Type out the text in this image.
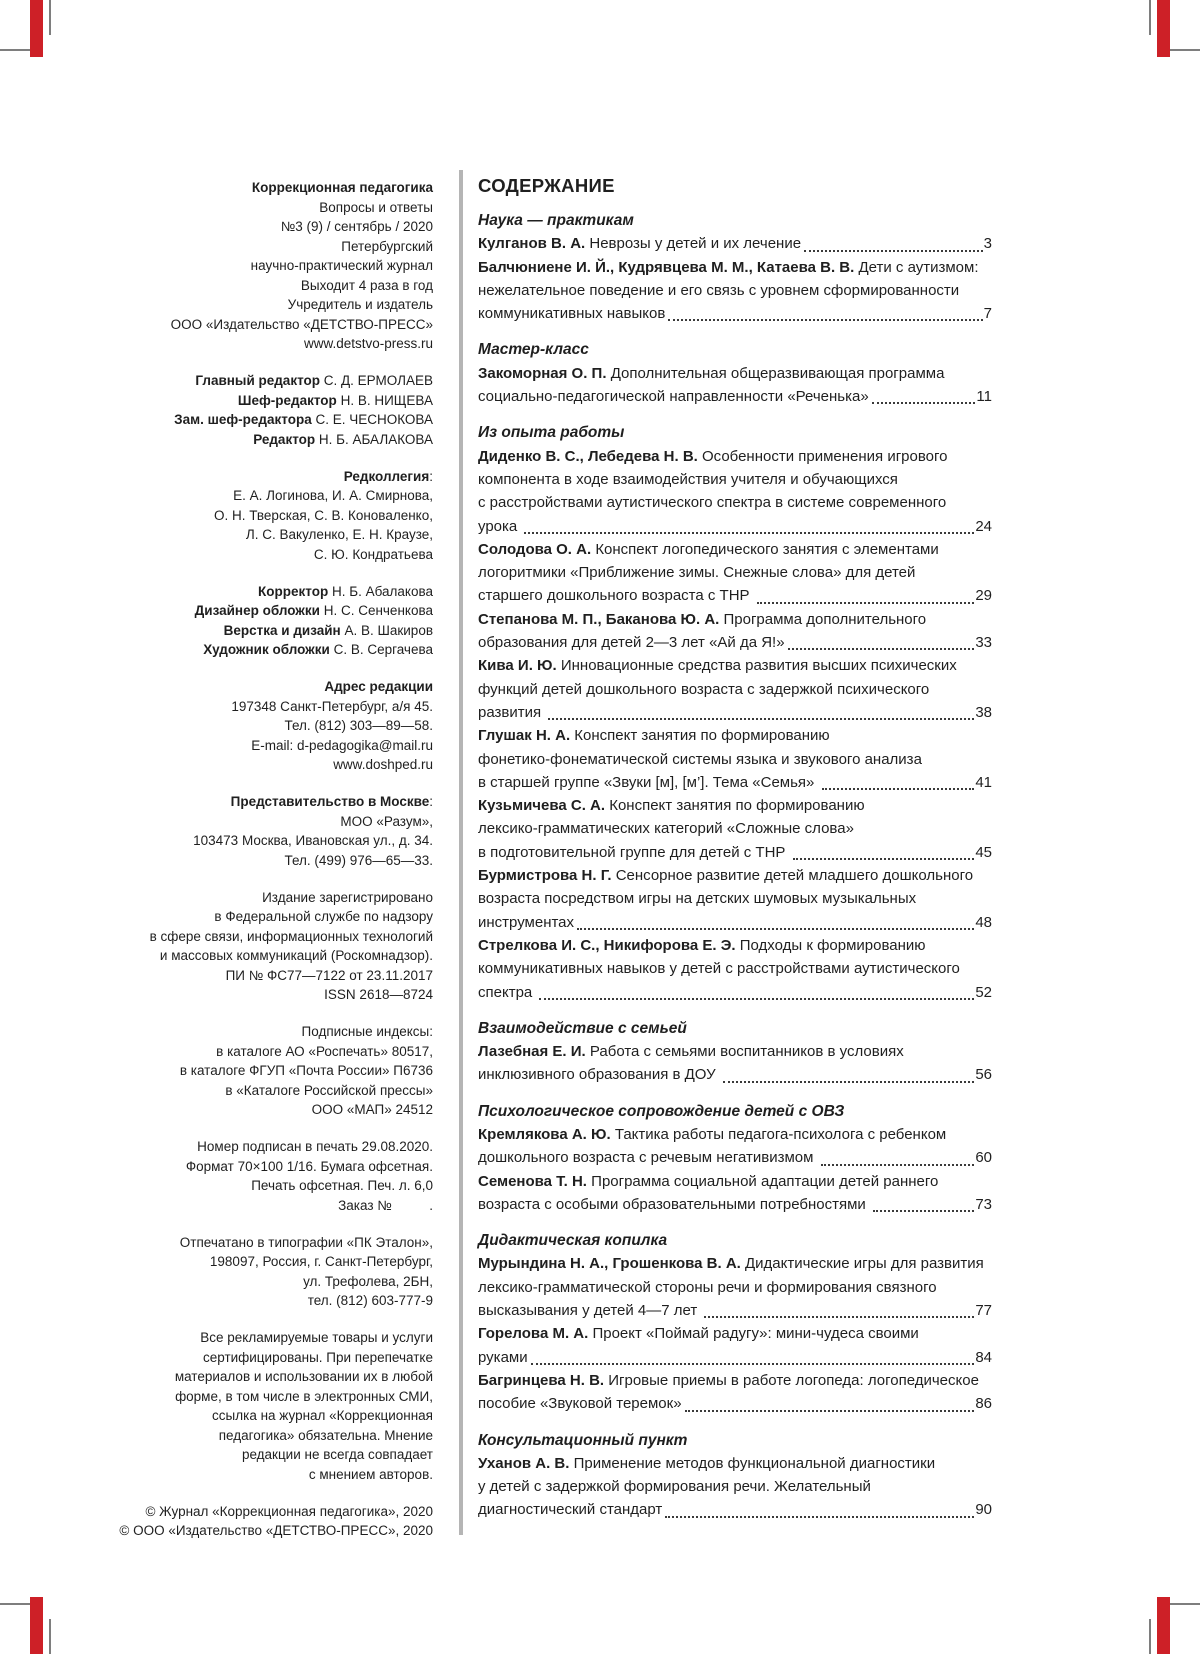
Коррекционная педагогика
Вопросы и ответы
№3 (9) / сентябрь / 2020
Петербургский
научно-практический журнал
Выходит 4 раза в год
Учредитель и издатель
ООО «Издательство «ДЕТСТВО-ПРЕСС»
www.detstvo-press.ru
Главный редактор С. Д. ЕРМОЛАЕВ
Шеф-редактор Н. В. НИЩЕВА
Зам. шеф-редактора С. Е. ЧЕСНОКОВА
Редактор Н. Б. АБАЛАКОВА
Редколлегия:
Е. А. Логинова, И. А. Смирнова,
О. Н. Тверская, С. В. Коноваленко,
Л. С. Вакуленко, Е. Н. Краузе,
С. Ю. Кондратьева
Корректор Н. Б. Абалакова
Дизайнер обложки Н. С. Сенченкова
Верстка и дизайн А. В. Шакиров
Художник обложки С. В. Сергачева
Адрес редакции
197348 Санкт-Петербург, а/я 45.
Тел. (812) 303—89—58.
E-mail: d-pedagogika@mail.ru
www.doshped.ru
Представительство в Москве:
МОО «Разум»,
103473 Москва, Ивановская ул., д. 34.
Тел. (499) 976—65—33.
Издание зарегистрировано
в Федеральной службе по надзору
в сфере связи, информационных технологий
и массовых коммуникаций (Роскомнадзор).
ПИ № ФС77—7122 от 23.11.2017
ISSN 2618—8724
Подписные индексы:
в каталоге АО «Роспечать» 80517,
в каталоге ФГУП «Почта России» П6736
в «Каталоге Российской прессы»
ООО «МАП» 24512
Номер подписан в печать 29.08.2020.
Формат 70×100 1/16. Бумага офсетная.
Печать офсетная. Печ. л. 6,0
Заказ №          .
Отпечатано в типографии «ПК Эталон»,
198097, Россия, г. Санкт-Петербург,
ул. Трефолева, 2БН,
тел. (812) 603-777-9
Все рекламируемые товары и услуги
сертифицированы. При перепечатке
материалов и использовании их в любой
форме, в том числе в электронных СМИ,
ссылка на журнал «Коррекционная
педагогика» обязательна. Мнение
редакции не всегда совпадает
с мнением авторов.
© Журнал «Коррекционная педагогика», 2020
© ООО «Издательство «ДЕТСТВО-ПРЕСС», 2020
СОДЕРЖАНИЕ
Наука — практикам
Кулганов В. А. Неврозы у детей и их лечение	3
Балчюниене И. Й., Кудрявцева М. М., Катаева В. В. Дети с аутизмом:
нежелательное поведение и его связь с уровнем сформированности
коммуникативных навыков	7
Мастер-класс
Закоморная О. П. Дополнительная общеразвивающая программа
социально-педагогической направленности «Реченька»	11
Из опыта работы
Диденко В. С., Лебедева Н. В. Особенности применения игрового
компонента в ходе взаимодействия учителя и обучающихся
с расстройствами аутистического спектра в системе современного
урока	24
Солодова О. А. Конспект логопедического занятия с элементами
логоритмики «Приближение зимы. Снежные слова» для детей
старшего дошкольного возраста с ТНР	29
Степанова М. П., Баканова Ю. А. Программа дополнительного
образования для детей 2—3 лет «Ай да Я!»	33
Кива И. Ю. Инновационные средства развития высших психических
функций детей дошкольного возраста с задержкой психического
развития	38
Глушак Н. А. Конспект занятия по формированию
фонетико-фонематической системы языка и звукового анализа
в старшей группе «Звуки [м], [м’]. Тема «Семья»	41
Кузьмичева С. А. Конспект занятия по формированию
лексико-грамматических категорий «Сложные слова»
в подготовительной группе для детей с ТНР	45
Бурмистрова Н. Г. Сенсорное развитие детей младшего дошкольного
возраста посредством игры на детских шумовых музыкальных
инструментах	48
Стрелкова И. С., Никифорова Е. Э. Подходы к формированию
коммуникативных навыков у детей с расстройствами аутистического
спектра	52
Взаимодействие с семьей
Лазебная Е. И. Работа с семьями воспитанников в условиях
инклюзивного образования в ДОУ	56
Психологическое сопровождение детей с ОВЗ
Кремлякова А. Ю. Тактика работы педагога-психолога с ребенком
дошкольного возраста с речевым негативизмом	60
Семенова Т. Н. Программа социальной адаптации детей раннего
возраста с особыми образовательными потребностями	73
Дидактическая копилка
Мурындина Н. А., Грошенкова В. А. Дидактические игры для развития
лексико-грамматической стороны речи и формирования связного
высказывания у детей 4—7 лет	77
Горелова М. А. Проект «Поймай радугу»: мини-чудеса своими
руками	84
Багринцева Н. В. Игровые приемы в работе логопеда: логопедическое
пособие «Звуковой теремок»	86
Консультационный пункт
Уханов А. В. Применение методов функциональной диагностики
у детей с задержкой формирования речи. Желательный
диагностический стандарт	90
